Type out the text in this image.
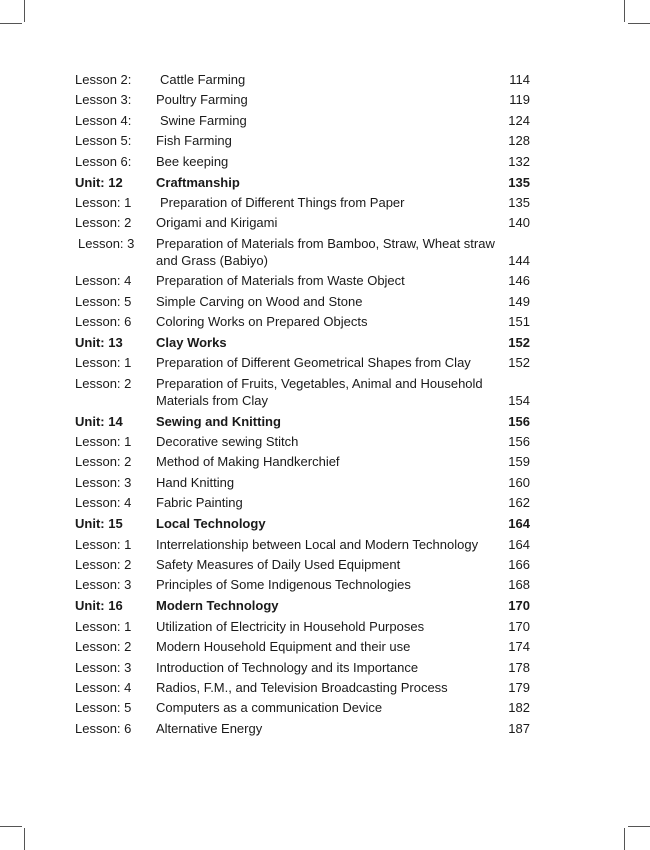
Lesson 2:	Cattle Farming	114
Lesson 3: Poultry Farming	119
Lesson 4:	Swine Farming	124
Lesson 5: Fish Farming	128
Lesson 6: Bee keeping	132
Unit: 12	Craftmanship	135
Lesson: 1	Preparation of Different Things from Paper	135
Lesson: 2 Origami and Kirigami	140
Lesson: 3 Preparation of Materials from Bamboo, Straw, Wheat straw and Grass (Babiyo)	144
Lesson: 4 Preparation of Materials from Waste Object	146
Lesson: 5 Simple Carving on Wood and Stone	149
Lesson: 6 Coloring Works on Prepared Objects	151
Unit: 13	Clay Works	152
Lesson: 1 Preparation of Different Geometrical Shapes from Clay	152
Lesson: 2 Preparation of Fruits, Vegetables, Animal and Household Materials from Clay	154
Unit: 14	Sewing and Knitting	156
Lesson: 1 Decorative sewing Stitch	156
Lesson: 2 Method of Making Handkerchief	159
Lesson: 3 Hand Knitting	160
Lesson: 4 Fabric Painting	162
Unit: 15	Local Technology	164
Lesson: 1 Interrelationship between Local and Modern Technology	164
Lesson: 2 Safety Measures of Daily Used Equipment	166
Lesson: 3 Principles of Some Indigenous Technologies	168
Unit: 16	Modern Technology	170
Lesson: 1 Utilization of Electricity in Household Purposes	170
Lesson: 2 Modern Household Equipment and their use	174
Lesson: 3 Introduction of Technology and its Importance	178
Lesson: 4 Radios, F.M., and Television Broadcasting Process	179
Lesson: 5 Computers as a communication Device	182
Lesson: 6 Alternative Energy	187
